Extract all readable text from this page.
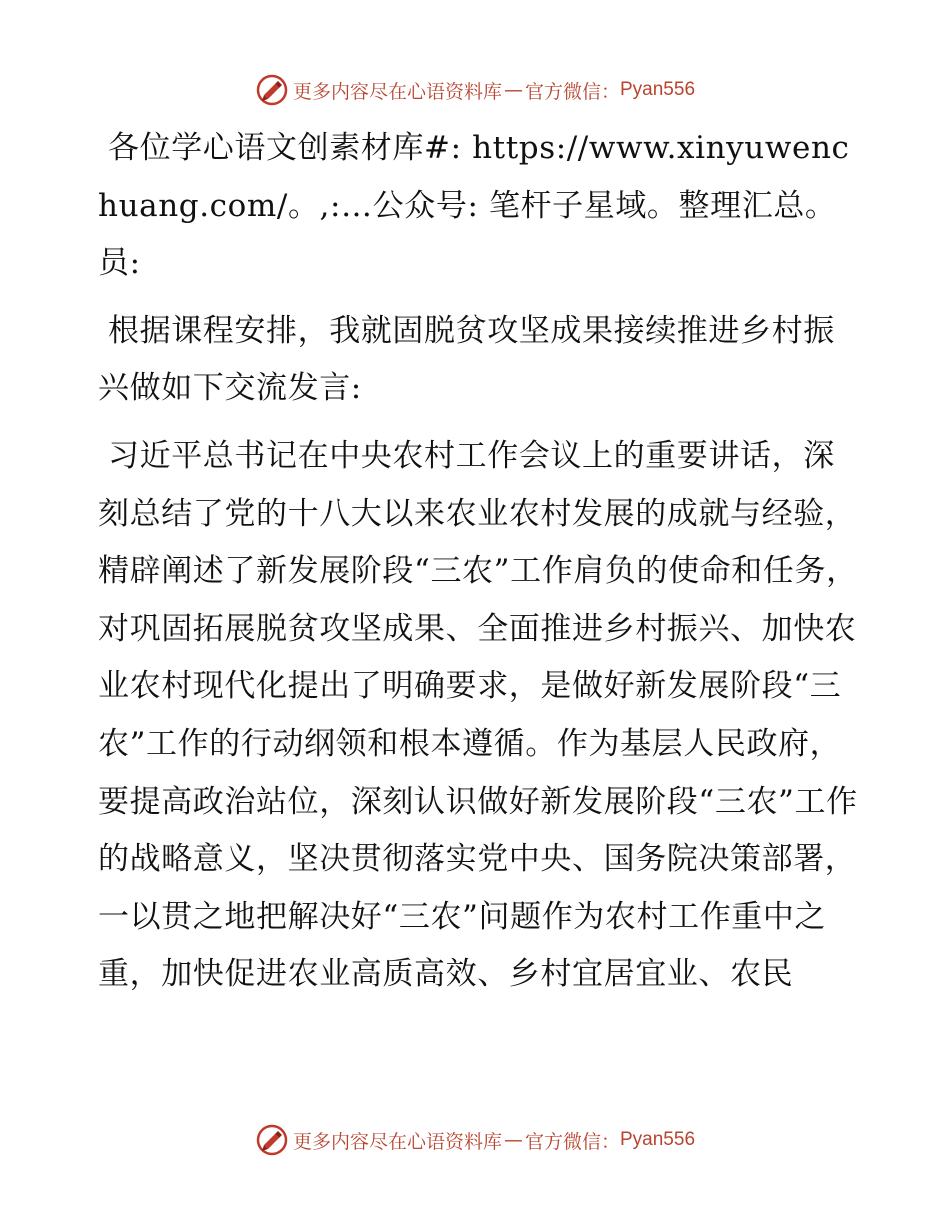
更多内容尽在心语资料库 — 官方微信： Pyan556

各位学心语文创素材库#: https://www.xinyuwenchuang.com/。,:…公众号: 笔杆子星域。整理汇总。员:

根据课程安排，我就固脱贫攻坚成果接续推进乡村振兴做如下交流发言:

习近平总书记在中央农村工作会议上的重要讲话，深刻总结了党的十八大以来农业农村发展的成就与经验，精辟阐述了新发展阶段“三农”工作肩负的使命和任务，对巩固拓展脱贫攻坚成果、全面推进乡村振兴、加快农业农村现代化提出了明确要求，是做好新发展阶段“三农”工作的行动纲领和根本遵循。作为基层人民政府，要提高政治站位，深刻认识做好新发展阶段“三农”工作的战略意义，坚决贯彻落实党中央、国务院决策部署，一以贯之地把解决好“三农”问题作为农村工作重中之重，加快促进农业高质高效、乡村宜居宜业、农民

更多内容尽在心语资料库 — 官方微信： Pyan556
